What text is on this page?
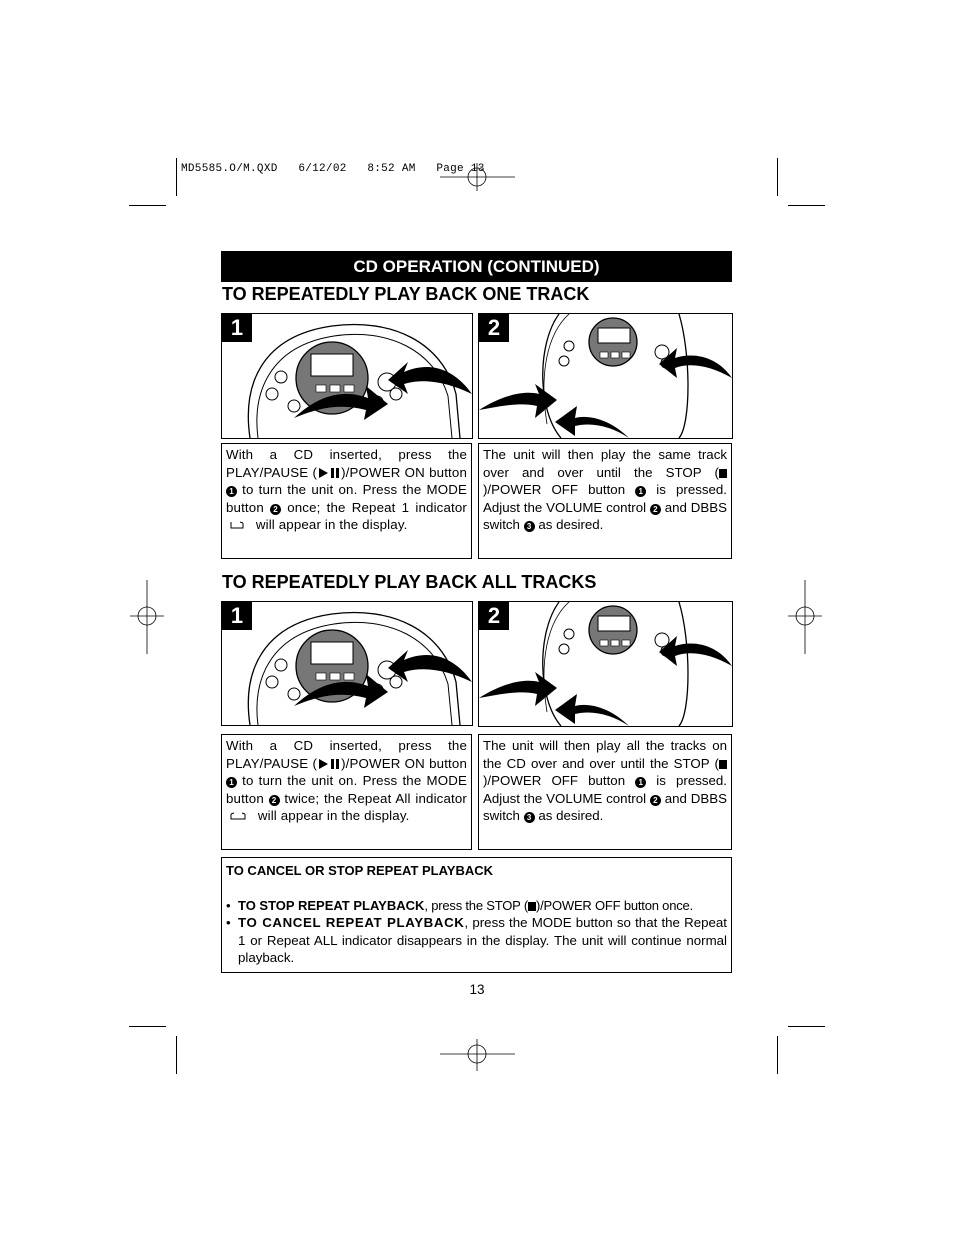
MD5585.O/M.QXD   6/12/02   8:52 AM   Page 13
CD OPERATION (CONTINUED)
TO REPEATEDLY PLAY BACK ONE TRACK
1	2
With a CD inserted, press the PLAY/PAUSE ( )/POWER ON button 1 to turn the unit on. Press the MODE button 2 once; the Repeat 1 indicator  will appear in the display.
The unit will then play the same track over and over until the STOP ()/POWER OFF button 1 is pressed. Adjust the VOLUME control 2 and DBBS switch 3 as desired.
TO REPEATEDLY PLAY BACK ALL TRACKS
1	2
With a CD inserted, press the PLAY/PAUSE ( )/POWER ON button 1 to turn the unit on. Press the MODE button 2 twice; the Repeat All indicator  will appear in the display.
The unit will then play all the tracks on the CD over and over until the STOP ()/POWER OFF button 1 is pressed. Adjust the VOLUME control 2 and DBBS switch 3 as desired.
TO CANCEL OR STOP REPEAT PLAYBACK
• TO STOP REPEAT PLAYBACK, press the STOP ( )/POWER OFF button once.
• TO CANCEL REPEAT PLAYBACK, press the MODE button so that the Repeat 1 or Repeat ALL indicator disappears in the display. The unit will continue normal playback.
13
